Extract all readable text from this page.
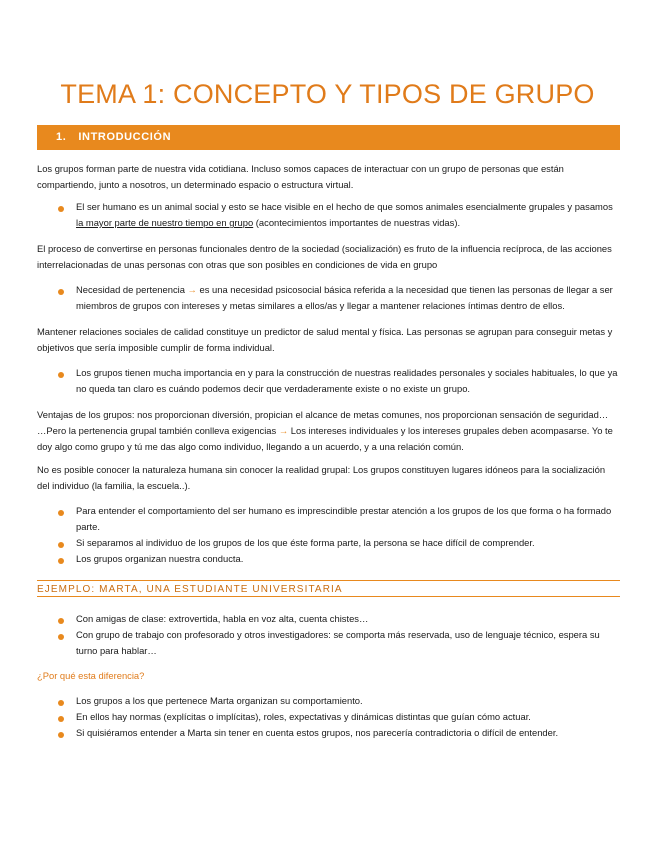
TEMA 1: CONCEPTO Y TIPOS DE GRUPO
1. INTRODUCCIÓN

Los grupos forman parte de nuestra vida cotidiana. Incluso somos capaces de interactuar con un grupo de personas que están compartiendo, junto a nosotros, un determinado espacio o estructura virtual.

El ser humano es un animal social y esto se hace visible en el hecho de que somos animales esencialmente grupales y pasamos la mayor parte de nuestro tiempo en grupo (acontecimientos importantes de nuestras vidas).

El proceso de convertirse en personas funcionales dentro de la sociedad (socialización) es fruto de la influencia recíproca, de las acciones interrelacionadas de unas personas con otras que son posibles en condiciones de vida en grupo

Necesidad de pertenencia → es una necesidad psicosocial básica referida a la necesidad que tienen las personas de llegar a ser miembros de grupos con intereses y metas similares a ellos/as y llegar a mantener relaciones íntimas dentro de ellos.

Mantener relaciones sociales de calidad constituye un predictor de salud mental y física. Las personas se agrupan para conseguir metas y objetivos que sería imposible cumplir de forma individual.

Los grupos tienen mucha importancia en y para la construcción de nuestras realidades personales y sociales habituales, lo que ya no queda tan claro es cuándo podemos decir que verdaderamente existe o no existe un grupo.

Ventajas de los grupos: nos proporcionan diversión, propician el alcance de metas comunes, nos proporcionan sensación de seguridad… …Pero la pertenencia grupal también conlleva exigencias → Los intereses individuales y los intereses grupales deben acompasarse. Yo te doy algo como grupo y tú me das algo como individuo, llegando a un acuerdo, y a una relación común.

No es posible conocer la naturaleza humana sin conocer la realidad grupal: Los grupos constituyen lugares idóneos para la socialización del individuo (la familia, la escuela..).

Para entender el comportamiento del ser humano es imprescindible prestar atención a los grupos de los que forma o ha formado parte.

Si separamos al individuo de los grupos de los que éste forma parte, la persona se hace difícil de comprender.

Los grupos organizan nuestra conducta.

EJEMPLO: MARTA, UNA ESTUDIANTE UNIVERSITARIA

Con amigas de clase: extrovertida, habla en voz alta, cuenta chistes…

Con grupo de trabajo con profesorado y otros investigadores: se comporta más reservada, uso de lenguaje técnico, espera su turno para hablar…

¿Por qué esta diferencia?

Los grupos a los que pertenece Marta organizan su comportamiento.

En ellos hay normas (explícitas o implícitas), roles, expectativas y dinámicas distintas que guían cómo actuar.

Si quisiéramos entender a Marta sin tener en cuenta estos grupos, nos parecería contradictoria o difícil de entender.
